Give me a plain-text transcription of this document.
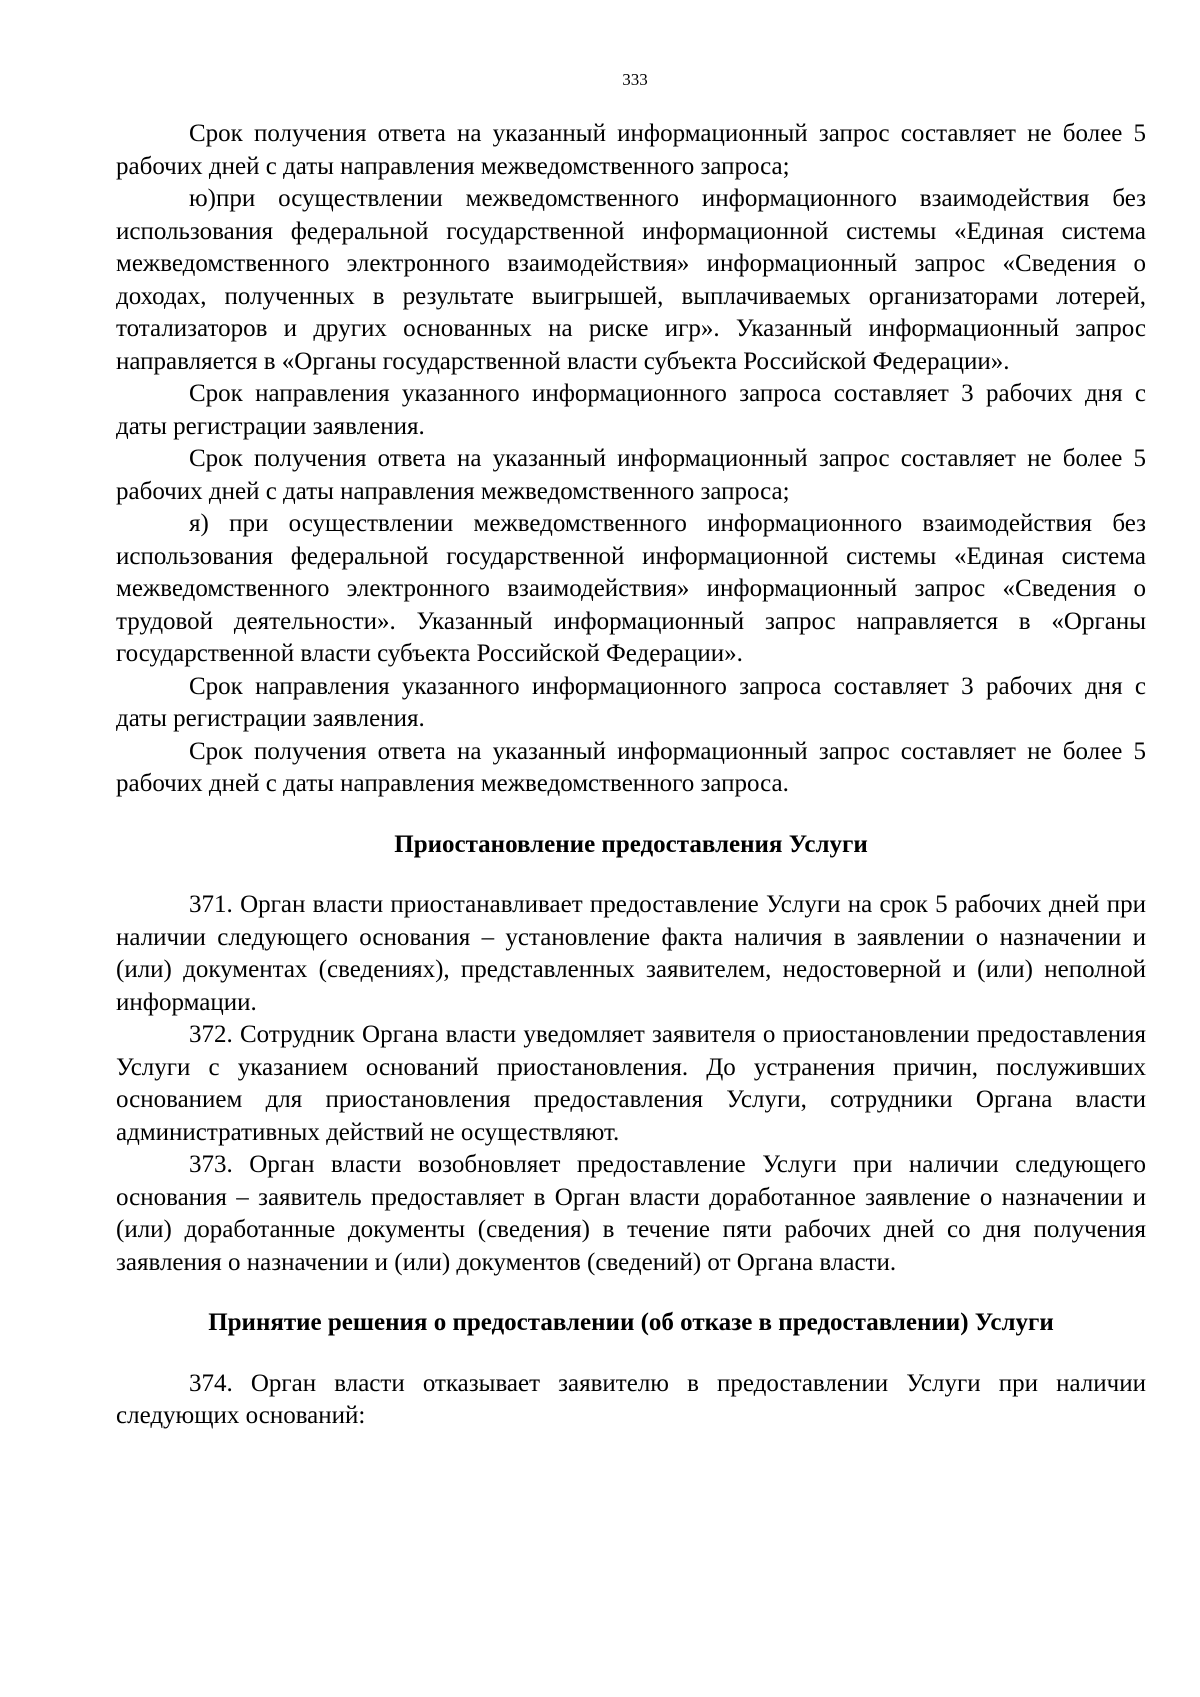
333

Срок получения ответа на указанный информационный запрос составляет не более 5 рабочих дней с даты направления межведомственного запроса;

ю)при осуществлении межведомственного информационного взаимодействия без использования федеральной государственной информационной системы «Единая система межведомственного электронного взаимодействия» информационный запрос «Сведения о доходах, полученных в результате выигрышей, выплачиваемых организаторами лотерей, тотализаторов и других основанных на риске игр». Указанный информационный запрос направляется в «Органы государственной власти субъекта Российской Федерации».

Срок направления указанного информационного запроса составляет 3 рабочих дня с даты регистрации заявления.

Срок получения ответа на указанный информационный запрос составляет не более 5 рабочих дней с даты направления межведомственного запроса;

я) при осуществлении межведомственного информационного взаимодействия без использования федеральной государственной информационной системы «Единая система межведомственного электронного взаимодействия» информационный запрос «Сведения о трудовой деятельности». Указанный информационный запрос направляется в «Органы государственной власти субъекта Российской Федерации».

Срок направления указанного информационного запроса составляет 3 рабочих дня с даты регистрации заявления.

Срок получения ответа на указанный информационный запрос составляет не более 5 рабочих дней с даты направления межведомственного запроса.

Приостановление предоставления Услуги

371. Орган власти приостанавливает предоставление Услуги на срок 5 рабочих дней при наличии следующего основания – установление факта наличия в заявлении о назначении и (или) документах (сведениях), представленных заявителем, недостоверной и (или) неполной информации.

372. Сотрудник Органа власти уведомляет заявителя о приостановлении предоставления Услуги с указанием оснований приостановления. До устранения причин, послуживших основанием для приостановления предоставления Услуги, сотрудники Органа власти административных действий не осуществляют.

373. Орган власти возобновляет предоставление Услуги при наличии следующего основания – заявитель предоставляет в Орган власти доработанное заявление о назначении и (или) доработанные документы (сведения) в течение пяти рабочих дней со дня получения заявления о назначении и (или) документов (сведений) от Органа власти.

Принятие решения о предоставлении (об отказе в предоставлении) Услуги

374. Орган власти отказывает заявителю в предоставлении Услуги при наличии следующих оснований:
